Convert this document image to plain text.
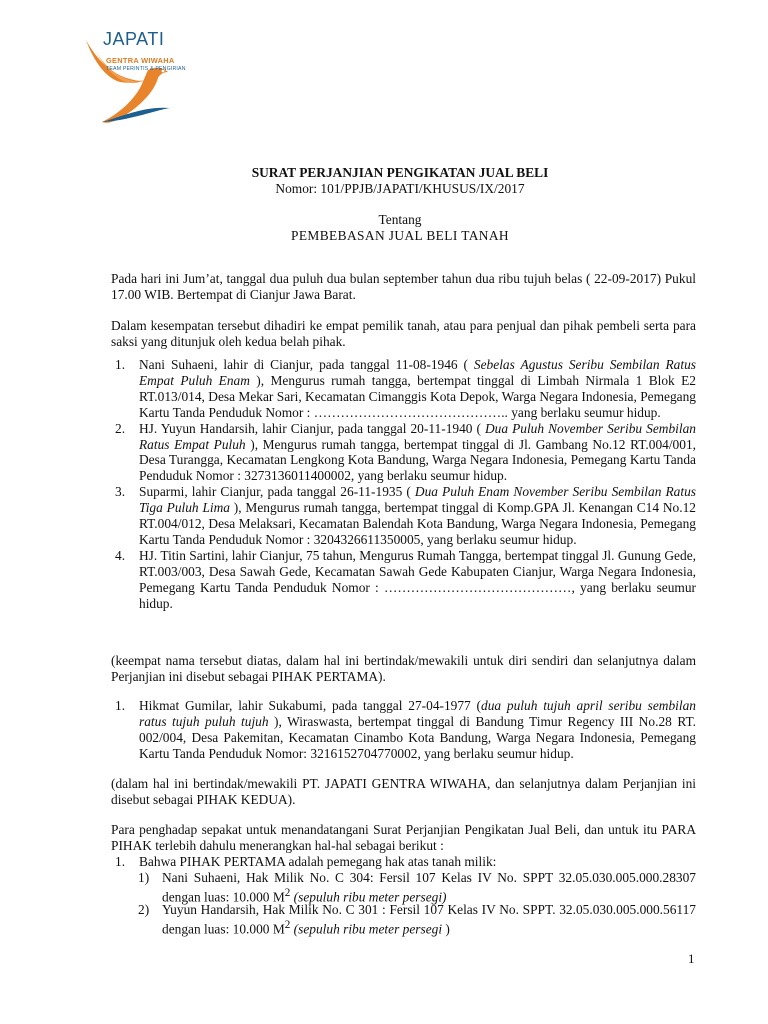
JAPATI
GENTRA WIWAHA
TEAM PERINTIS & PENGIRIAN
SURAT PERJANJIAN PENGIKATAN JUAL BELI
Nomor: 101/PPJB/JAPATI/KHUSUS/IX/2017
Tentang
PEMBEBASAN JUAL BELI TANAH
Pada hari ini Jum’at, tanggal dua puluh dua bulan september tahun dua ribu tujuh belas ( 22-09-2017) Pukul 17.00 WIB. Bertempat di Cianjur Jawa Barat.
Dalam kesempatan tersebut dihadiri ke empat pemilik tanah, atau para penjual dan pihak pembeli serta para saksi yang ditunjuk oleh kedua belah pihak.
1. Nani Suhaeni, lahir di Cianjur, pada tanggal 11-08-1946 ( Sebelas Agustus Seribu Sembilan Ratus Empat Puluh Enam ), Mengurus rumah tangga, bertempat tinggal di Limbah Nirmala 1 Blok E2 RT.013/014, Desa Mekar Sari, Kecamatan Cimanggis Kota Depok, Warga Negara Indonesia, Pemegang Kartu Tanda Penduduk Nomor : …………………………………….. yang berlaku seumur hidup.
2. HJ. Yuyun Handarsih, lahir Cianjur, pada tanggal 20-11-1940 ( Dua Puluh November Seribu Sembilan Ratus Empat Puluh ), Mengurus rumah tangga, bertempat tinggal di Jl. Gambang No.12 RT.004/001, Desa Turangga, Kecamatan Lengkong Kota Bandung, Warga Negara Indonesia, Pemegang Kartu Tanda Penduduk Nomor : 3273136011400002, yang berlaku seumur hidup.
3. Suparmi, lahir Cianjur, pada tanggal 26-11-1935 ( Dua Puluh Enam November Seribu Sembilan Ratus Tiga Puluh Lima ), Mengurus rumah tangga, bertempat tinggal di Komp.GPA Jl. Kenangan C14 No.12 RT.004/012, Desa Melaksari, Kecamatan Balendah Kota Bandung, Warga Negara Indonesia, Pemegang Kartu Tanda Penduduk Nomor : 3204326611350005, yang berlaku seumur hidup.
4. HJ. Titin Sartini, lahir Cianjur, 75 tahun, Mengurus Rumah Tangga, bertempat tinggal Jl. Gunung Gede, RT.003/003, Desa Sawah Gede, Kecamatan Sawah Gede Kabupaten Cianjur, Warga Negara Indonesia, Pemegang Kartu Tanda Penduduk Nomor : ……………………………………, yang berlaku seumur hidup.
(keempat nama tersebut diatas, dalam hal ini bertindak/mewakili untuk diri sendiri dan selanjutnya dalam Perjanjian ini disebut sebagai PIHAK PERTAMA).
1. Hikmat Gumilar, lahir Sukabumi, pada tanggal 27-04-1977 (dua puluh tujuh april seribu sembilan ratus tujuh puluh tujuh ), Wiraswasta, bertempat tinggal di Bandung Timur Regency III No.28 RT. 002/004, Desa Pakemitan, Kecamatan Cinambo Kota Bandung, Warga Negara Indonesia, Pemegang Kartu Tanda Penduduk Nomor: 3216152704770002, yang berlaku seumur hidup.
(dalam hal ini bertindak/mewakili PT. JAPATI GENTRA WIWAHA, dan selanjutnya dalam Perjanjian ini disebut sebagai PIHAK KEDUA).
Para penghadap sepakat untuk menandatangani Surat Perjanjian Pengikatan Jual Beli, dan untuk itu PARA PIHAK terlebih dahulu menerangkan hal-hal sebagai berikut :
1. Bahwa PIHAK PERTAMA adalah pemegang hak atas tanah milik:
1) Nani Suhaeni, Hak Milik No. C 304: Fersil 107 Kelas IV No. SPPT 32.05.030.005.000.28307 dengan luas: 10.000 $M^2$ (sepuluh ribu meter persegi)
2) Yuyun Handarsih, Hak Milik No. C 301 : Fersil 107 Kelas IV No. SPPT. 32.05.030.005.000.56117 dengan luas: 10.000 $M^2$ (sepuluh ribu meter persegi )
1
